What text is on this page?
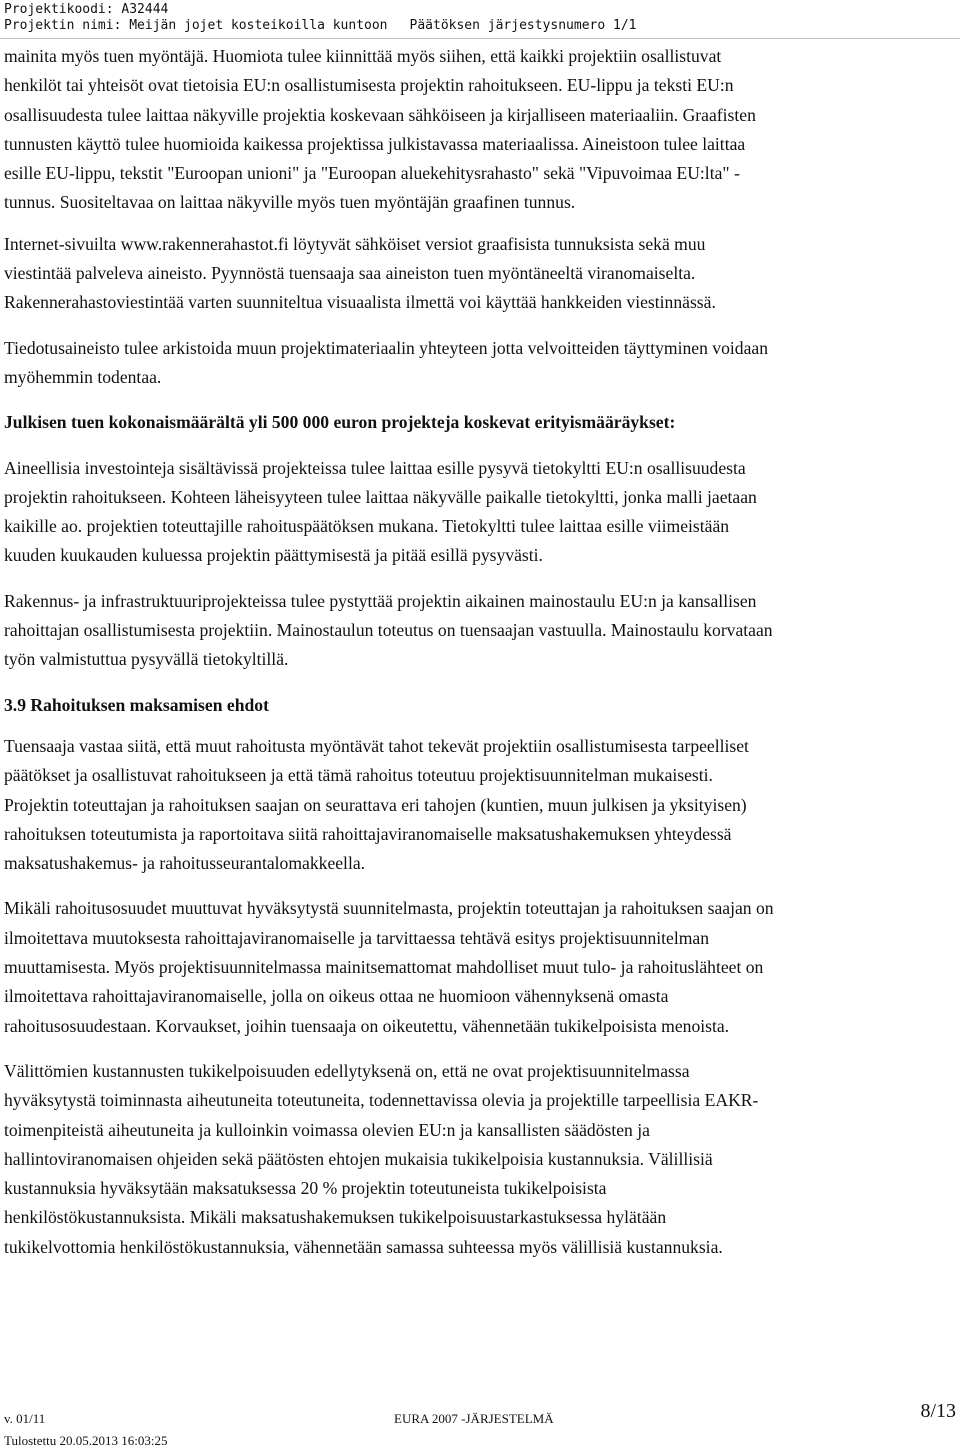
Projektikoodi: A32444
Projektin nimi: Meijän jojet kosteikoilla kuntoon Päätöksen järjestysnumero 1/1

mainita myös tuen myöntäjä. Huomiota tulee kiinnittää myös siihen, että kaikki projektiin osallistuvat
henkilöt tai yhteisöt ovat tietoisia EU:n osallistumisesta projektin rahoitukseen. EU-lippu ja teksti EU:n
osallisuudesta tulee laittaa näkyville projektia koskevaan sähköiseen ja kirjalliseen materiaaliin. Graafisten
tunnusten käyttö tulee huomioida kaikessa projektissa julkistavassa materiaalissa. Aineistoon tulee laittaa
esille EU-lippu, tekstit "Euroopan unioni" ja "Euroopan aluekehitysrahasto" sekä "Vipuvoimaa EU:lta" -
tunnus. Suositeltavaa on laittaa näkyville myös tuen myöntäjän graafinen tunnus.

Internet-sivuilta www.rakennerahastot.fi löytyvät sähköiset versiot graafisista tunnuksista sekä muu
viestintää palveleva aineisto. Pyynnöstä tuensaaja saa aineiston tuen myöntäneeltä viranomaiselta.
Rakennerahastoviestintää varten suunniteltua visuaalista ilmettä voi käyttää hankkeiden viestinnässä.

Tiedotusaineisto tulee arkistoida muun projektimateriaalin yhteyteen jotta velvoitteiden täyttyminen voidaan
myöhemmin todentaa.

Julkisen tuen kokonaismäärältä yli 500 000 euron projekteja koskevat erityismääräykset:

Aineellisia investointeja sisältävissä projekteissa tulee laittaa esille pysyvä tietokyltti EU:n osallisuudesta
projektin rahoitukseen. Kohteen läheisyyteen tulee laittaa näkyvälle paikalle tietokyltti, jonka malli jaetaan
kaikille ao. projektien toteuttajille rahoituspäätöksen mukana. Tietokyltti tulee laittaa esille viimeistään
kuuden kuukauden kuluessa projektin päättymisestä ja pitää esillä pysyvästi.

Rakennus- ja infrastruktuuriprojekteissa tulee pystyttää projektin aikainen mainostaulu EU:n ja kansallisen
rahoittajan osallistumisesta projektiin. Mainostaulun toteutus on tuensaajan vastuulla. Mainostaulu korvataan
työn valmistuttua pysyvällä tietokyltillä.

3.9 Rahoituksen maksamisen ehdot

Tuensaaja vastaa siitä, että muut rahoitusta myöntävät tahot tekevät projektiin osallistumisesta tarpeelliset
päätökset ja osallistuvat rahoitukseen ja että tämä rahoitus toteutuu projektisuunnitelman mukaisesti.
Projektin toteuttajan ja rahoituksen saajan on seurattava eri tahojen (kuntien, muun julkisen ja yksityisen)
rahoituksen toteutumista ja raportoitava siitä rahoittajaviranomaiselle maksatushakemuksen yhteydessä
maksatushakemus- ja rahoitusseurantalomakkeella.

Mikäli rahoitusosuudet muuttuvat hyväksytystä suunnitelmasta, projektin toteuttajan ja rahoituksen saajan on
ilmoitettava muutoksesta rahoittajaviranomaiselle ja tarvittaessa tehtävä esitys projektisuunnitelman
muuttamisesta. Myös projektisuunnitelmassa mainitsemattomat mahdolliset muut tulo- ja rahoituslähteet on
ilmoitettava rahoittajaviranomaiselle, jolla on oikeus ottaa ne huomioon vähennyksenä omasta
rahoitusosuudestaan. Korvaukset, joihin tuensaaja on oikeutettu, vähennetään tukikelpoisista menoista.

Välittömien kustannusten tukikelpoisuuden edellytyksenä on, että ne ovat projektisuunnitelmassa
hyväksytystä toiminnasta aiheutuneita toteutuneita, todennettavissa olevia ja projektille tarpeellisia EAKR-
toimenpiteistä aiheutuneita ja kulloinkin voimassa olevien EU:n ja kansallisten säädösten ja
hallintoviranomaisen ohjeiden sekä päätösten ehtojen mukaisia tukikelpoisia kustannuksia. Välillisiä
kustannuksia hyväksytään maksatuksessa 20 % projektin toteutuneista tukikelpoisista
henkilöstökustannuksista. Mikäli maksatushakemuksen tukikelpoisuustarkastuksessa hylätään
tukikelvottomia henkilöstökustannuksia, vähennetään samassa suhteessa myös välillisiä kustannuksia.

v. 01/11	EURA 2007 -JÄRJESTELMÄ	8/13
Tulostettu 20.05.2013 16:03:25
